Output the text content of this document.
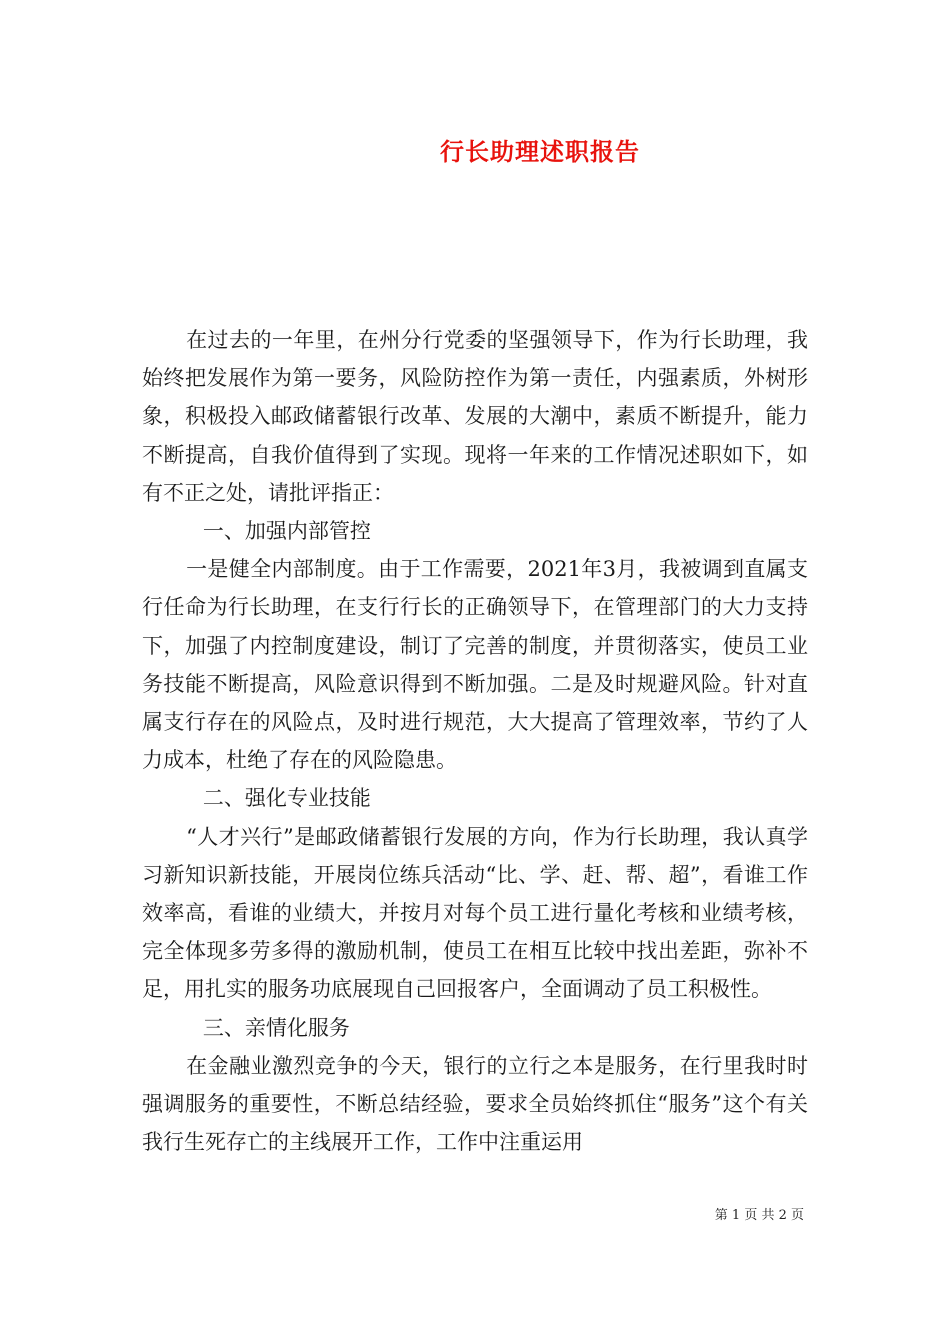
行长助理述职报告

在过去的一年里，在州分行党委的坚强领导下，作为行长助理，我始终把发展作为第一要务，风险防控作为第一责任，内强素质，外树形象，积极投入邮政储蓄银行改革、发展的大潮中，素质不断提升，能力不断提高，自我价值得到了实现。现将一年来的工作情况述职如下，如有不正之处，请批评指正：

一、加强内部管控

一是健全内部制度。由于工作需要，2021年3月，我被调到直属支行任命为行长助理，在支行行长的正确领导下，在管理部门的大力支持下，加强了内控制度建设，制订了完善的制度，并贯彻落实，使员工业务技能不断提高，风险意识得到不断加强。二是及时规避风险。针对直属支行存在的风险点，及时进行规范，大大提高了管理效率，节约了人力成本，杜绝了存在的风险隐患。

二、强化专业技能

“人才兴行”是邮政储蓄银行发展的方向，作为行长助理，我认真学习新知识新技能，开展岗位练兵活动“比、学、赶、帮、超”，看谁工作效率高，看谁的业绩大，并按月对每个员工进行量化考核和业绩考核，完全体现多劳多得的激励机制，使员工在相互比较中找出差距，弥补不足，用扎实的服务功底展现自己回报客户，全面调动了员工积极性。

三、亲情化服务

在金融业激烈竞争的今天，银行的立行之本是服务，在行里我时时强调服务的重要性，不断总结经验，要求全员始终抓住“服务”这个有关我行生死存亡的主线展开工作，工作中注重运用

第 1 页 共 2 页
